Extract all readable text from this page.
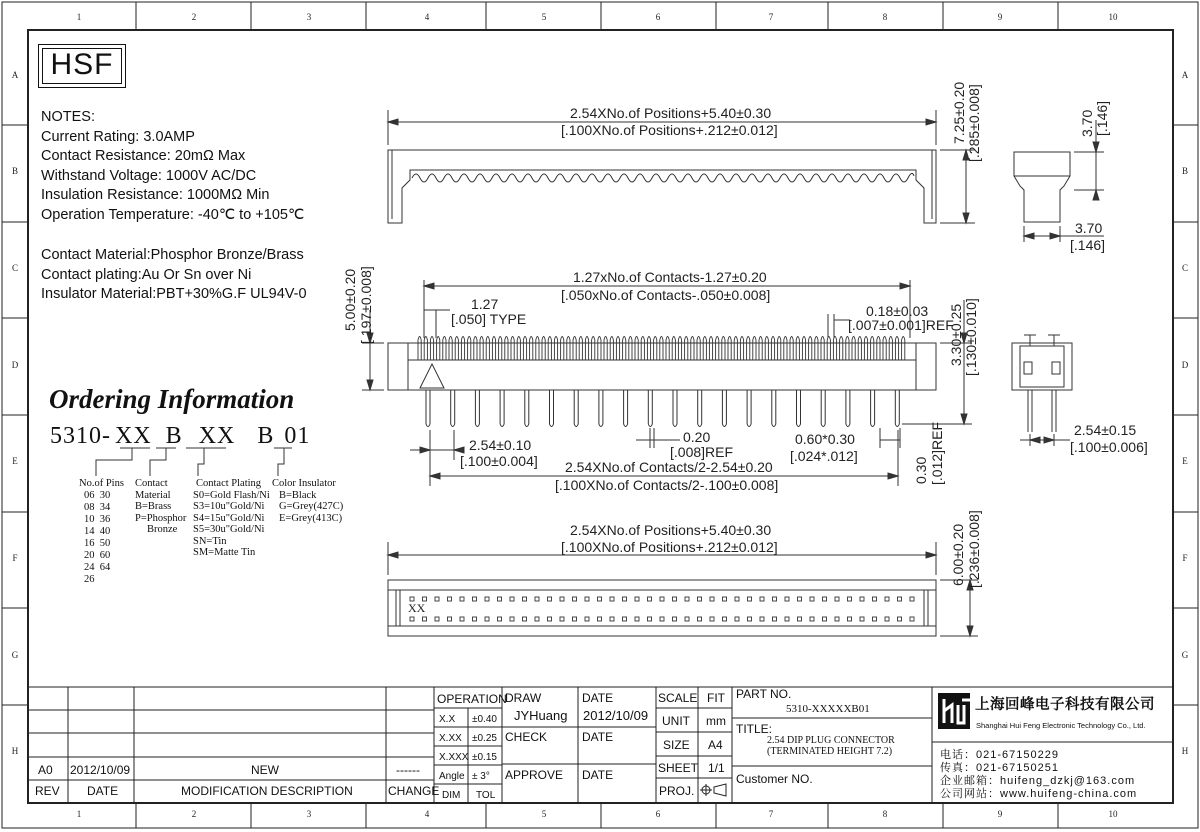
1	2	3	4	5	6	7	8	9	10
1	2	3	4	5	6	7	8	9	10
A
B
C
D
E
F
G
H
A
B
C
D
E
F
G
H
HSF
NOTES:
Current Rating: 3.0AMP
Contact Resistance: 20mΩ Max
Withstand Voltage: 1000V AC/DC
Insulation Resistance: 1000MΩ Min
Operation Temperature: -40℃ to +105℃
Contact Material:Phosphor Bronze/Brass
Contact plating:Au Or Sn over Ni
Insulator Material:PBT+30%G.F UL94V-0
Ordering Information
5310- XX B XX B 01
No.of Pins
06  30
08  34
10  36
14  40
16  50
20  60
24  64
26
Contact
Material
B=Brass
P=Phosphor
Bronze
Contact Plating
S0=Gold Flash/Ni
S3=10u"Gold/Ni
S4=15u"Gold/Ni
S5=30u"Gold/Ni
SN=Tin
SM=Matte Tin
Color Insulator
B=Black
G=Grey(427C)
E=Grey(413C)
2.54XNo.of Positions+5.40±0.30
[.100XNo.of Positions+.212±0.012]	7.25±0.20 [.285±0.008]	3.70 [.146]
3.70
[.146]
1.27xNo.of Contacts-1.27±0.20
[.050xNo.of Contacts-.050±0.008]
1.27
[.050] TYPE	0.18±0.03
[.007±0.001]REF
5.00±0.20 [.197±0.008]	3.30±0.25 [.130±0.010]
2.54±0.10
[.100±0.004]
0.20
[.008]REF
0.60*0.30
[.024*.012]
2.54XNo.of Contacts/2-2.54±0.20
[.100XNo.of Contacts/2-.100±0.008]
0.30 [.012]REF	2.54±0.15
[.100±0.006]
2.54XNo.of Positions+5.40±0.30
[.100XNo.of Positions+.212±0.012]	6.00±0.20 [.236±0.008]
XX
A0 2012/10/09	NEW	------
REV DATE	MODIFICATION DESCRIPTION	CHANGE
OPERATION
X.X ±0.40
X.XX ±0.25
X.XXX ±0.15
Angle ± 3°
DIM TOL
DRAW
JYHuang
DATE
2012/10/09
CHECK	DATE
APPROVE DATE
SCALE FIT
UNIT mm
SIZE A4
SHEET 1/1
PROJ.
PART NO.
5310-XXXXXB01
TITLE:
2.54 DIP PLUG CONNECTOR
(TERMINATED HEIGHT 7.2)
Customer NO.
上海回峰电子科技有限公司
Shanghai Hui Feng Electronic Technology Co., Ltd.
电话：021-67150229
传真：021-67150251
企业邮箱：huifeng_dzkj@163.com
公司网站：www.huifeng-china.com
